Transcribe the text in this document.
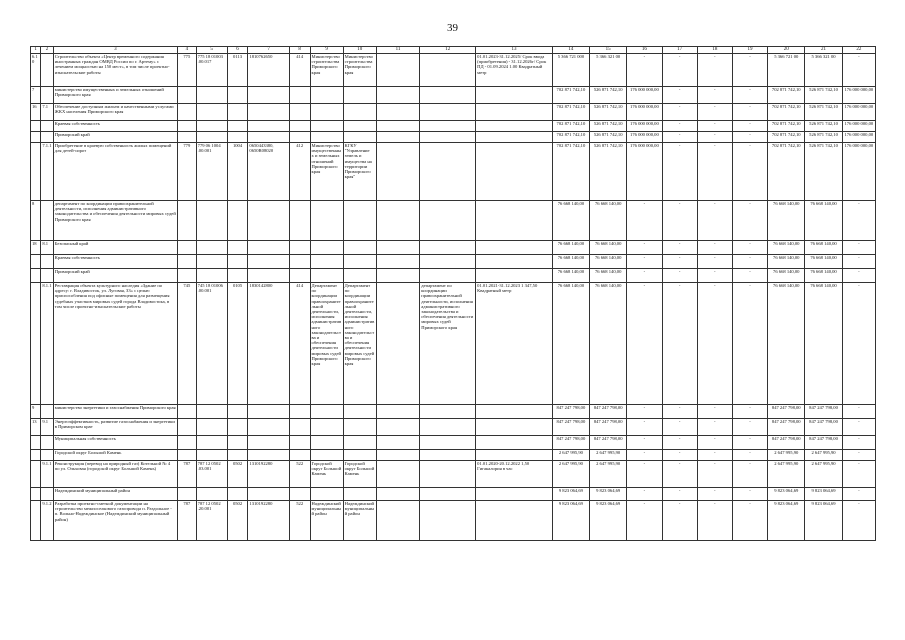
39
1	2	3	4	5	6	7	8	9	10	11	12	13	14	15	16	17	18	19	20	21	22
6.10		Строительство объекта «Центр временного содержания иностранных граждан ОМВД России по г. Артему» с лечением мощностью на 150 мест», в том числе проектно-изыскательские работы	775	775 18 01003 .00.017	0113	1810762650	414	Министерство строительства Приморского края	Министерство строительства Приморского края			01.01.2023-31.12.2025/ Срок ввода (приобретения) - 31.12.2026г/ Срок ПД - 01.09.2024 1.00 Квадратный метр	5 366 721 000	5 366 321 00	-	-	-	-	5 366 721 00	5 366 321 00	-
7		министерство имущественных и земельных отношений Приморского края											702 871 742,10	526 871 742,10	176 000 000,00	-	-	-	702 871 742,10	526 871 742,10	176 000 000,00
16	7.1	Обеспечение доступным жильем и качественными услугами ЖКХ населения Приморского края											702 871 742,10	526 871 742,10	176 000 000,00	-	-	-	702 871 742,10	526 871 742,10	176 000 000,00
		Краевая собственность											702 871 742,10	526 871 742,10	176 000 000,00	-	-	-	702 871 742,10	526 871 742,10	176 000 000,00
		Приморский край											702 871 742,10	526 871 742,10	176 000 000,00	-	-	-	702 871 742,10	526 871 742,10	176 000 000,00
	7.1.1	Приобретение в краевую собственность жилых помещений для детей-сирот	779	779 06 1004 .00.001	1004	0650443380, 0650R08020	412	Министерство имущественных и земельных отношений Приморского края	КГКУ "Управление земель и имущества на территории Приморского края"				702 871 742,10	526 871 742,10	176 000 000,00	-	-	-	702 871 742,10	526 871 742,10	176 000 000,00
8		департамент по координации правоохранительной деятельности, исполнения административного законодательства и обеспечения деятельности мировых судей Приморского края											76 668 140,00	76 668 140,00	-	-	-	-	76 668 140,00	76 668 140,00	-
18	8.1	Безопасный край											76 668 140,00	76 668 140,00	-	-	-	-	76 668 140,00	76 668 140,00	-
		Краевая собственность											76 668 140,00	76 668 140,00	-	-	-	-	76 668 140,00	76 668 140,00	-
		Приморский край											76 668 140,00	76 668 140,00	-	-	-	-	76 668 140,00	76 668 140,00	-
	8.1.1	Реставрация объекта культурного наследия «Здание по адресу: г. Владивосток, ул. Луговая, 33» с целью приспособления под офисные помещения для размещения судебных участков мировых судей города Владивостока, в том числе проектно-изыскательские работы	745	745 18 01006 .00.001	0105	1830142800	414	Департамент по координации правоохранительной деятельности, исполнения административного законодательства и обеспечения деятельности мировых судей Приморского края	Департамент по координации правоохранительной деятельности, исполнения административного законодательства и обеспечения деятельности мировых судей Приморского края		департамент по координации правоохранительной деятельности, исполнения административного законодательства и обеспечения деятельности мировых судей Приморского края	01.01.2021-31.12.2023 1 347,50 Квадратный метр	76 668 140,00	76 668 140,00	-	-	-	-	76 668 140,00	76 668 140,00	-
9		министерство энергетики и газоснабжения Приморского края											847 247 798,00	847 247 798,00	-	-	-	-	847 247 798,00	847 247 798,00	-
13	9.1	Энергоэффективность, развитие газоснабжения и энергетики в Приморском крае											847 247 798,00	847 247 798,00	-	-	-	-	847 247 798,00	847 247 798,00	-
		Муниципальная собственность											847 247 798,00	847 247 798,00	-	-	-	-	847 247 798,00	847 247 798,00	-
		Городской округ Большой Камень											2 647 995,90	2 647 995,90	-	-	-	-	2 647 995,90	2 647 995,90	-
	9.1.1	Реконструкция (перевод на природный газ) Котельной № 4 по ул. Ольховая (городской округ Большой Камень)	787	787 12 0502 .03.001	0502	1310192280	522	Городской округ Большой Камень	Городской округ Большой Камень			01.01.2020-20.12.2022 1,50 Гигакалория в час	2 647 995,90	2 647 995,90	-	-	-	-	2 647 995,90	2 647 995,90	-
		Надеждинский муниципальный район											9 823 064,69	9 823 064,69	-	-	-	-	9 823 064,69	9 823 064,69	-
	9.1.2	Разработка проектно-сметной документации на строительство межпоселкового газопровода п. Раздольное - п. Вольно-Надеждинское (Надеждинский муниципальный район)	787	787 12 0502 .20.001	0502	1310192280	522	Надеждинский муниципальный район	Надеждинский муниципальный район				9 823 064,69	9 823 064,69	-	-	-	-	9 823 064,69	9 823 064,69	-
